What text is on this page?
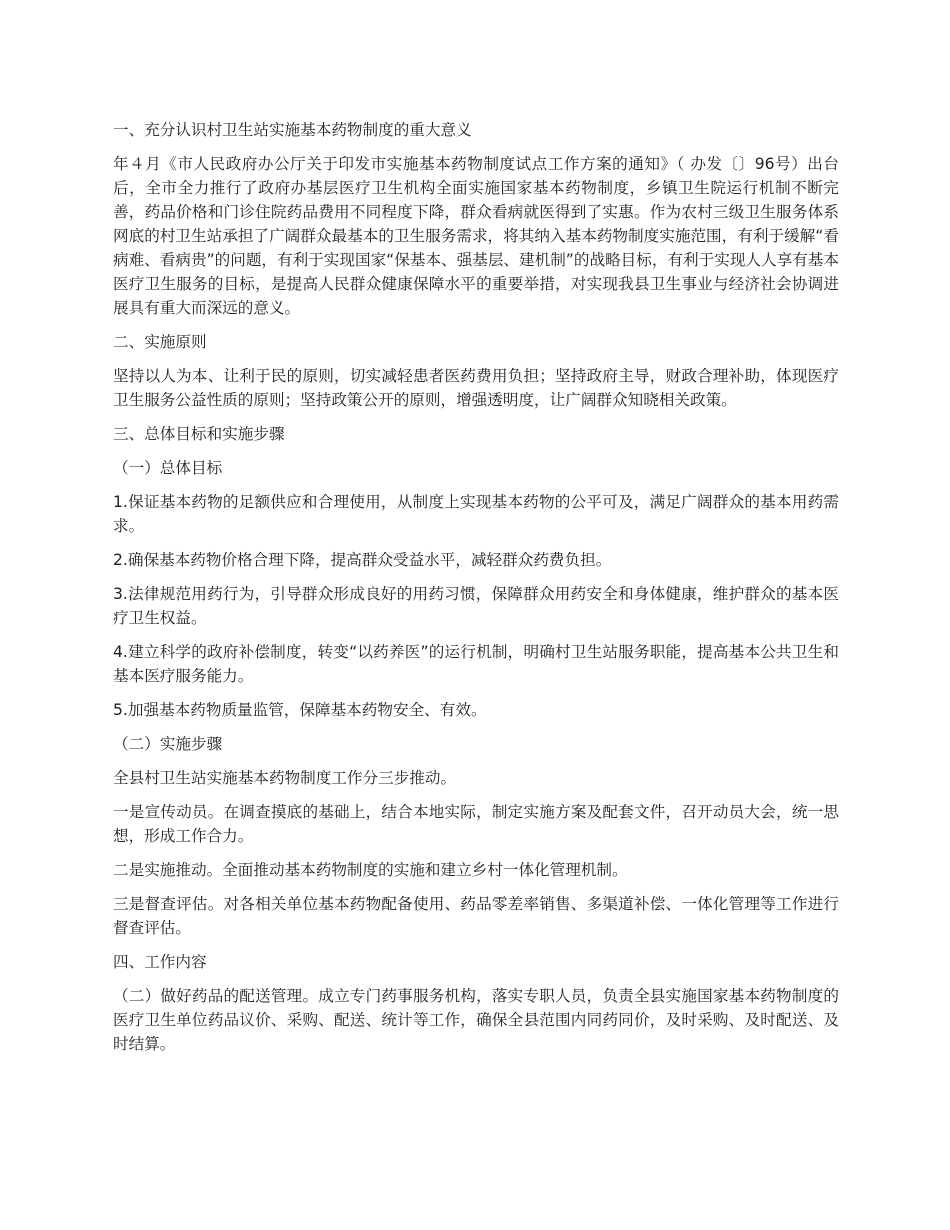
一、充分认识村卫生站实施基本药物制度的重大意义

年４月《市人民政府办公厅关于印发市实施基本药物制度试点工作方案的通知》（ 办发〔〕96号）出台后，全市全力推行了政府办基层医疗卫生机构全面实施国家基本药物制度，乡镇卫生院运行机制不断完善，药品价格和门诊住院药品费用不同程度下降，群众看病就医得到了实惠。作为农村三级卫生服务体系网底的村卫生站承担了广阔群众最基本的卫生服务需求，将其纳入基本药物制度实施范围，有利于缓解“看病难、看病贵”的问题，有利于实现国家“保基本、强基层、建机制”的战略目标，有利于实现人人享有基本医疗卫生服务的目标，是提高人民群众健康保障水平的重要举措，对实现我县卫生事业与经济社会协调进展具有重大而深远的意义。

二、实施原则

坚持以人为本、让利于民的原则，切实减轻患者医药费用负担；坚持政府主导，财政合理补助，体现医疗卫生服务公益性质的原则；坚持政策公开的原则，增强透明度，让广阔群众知晓相关政策。

三、总体目标和实施步骤

（一）总体目标

1.保证基本药物的足额供应和合理使用，从制度上实现基本药物的公平可及，满足广阔群众的基本用药需求。

2.确保基本药物价格合理下降，提高群众受益水平，减轻群众药费负担。

3.法律规范用药行为，引导群众形成良好的用药习惯，保障群众用药安全和身体健康，维护群众的基本医疗卫生权益。

4.建立科学的政府补偿制度，转变“以药养医”的运行机制，明确村卫生站服务职能，提高基本公共卫生和基本医疗服务能力。

5.加强基本药物质量监管，保障基本药物安全、有效。

（二）实施步骤

全县村卫生站实施基本药物制度工作分三步推动。

一是宣传动员。在调查摸底的基础上，结合本地实际，制定实施方案及配套文件，召开动员大会，统一思想，形成工作合力。

二是实施推动。全面推动基本药物制度的实施和建立乡村一体化管理机制。

三是督查评估。对各相关单位基本药物配备使用、药品零差率销售、多渠道补偿、一体化管理等工作进行督查评估。

四、工作内容

（二）做好药品的配送管理。成立专门药事服务机构，落实专职人员，负责全县实施国家基本药物制度的医疗卫生单位药品议价、采购、配送、统计等工作，确保全县范围内同药同价，及时采购、及时配送、及时结算。
